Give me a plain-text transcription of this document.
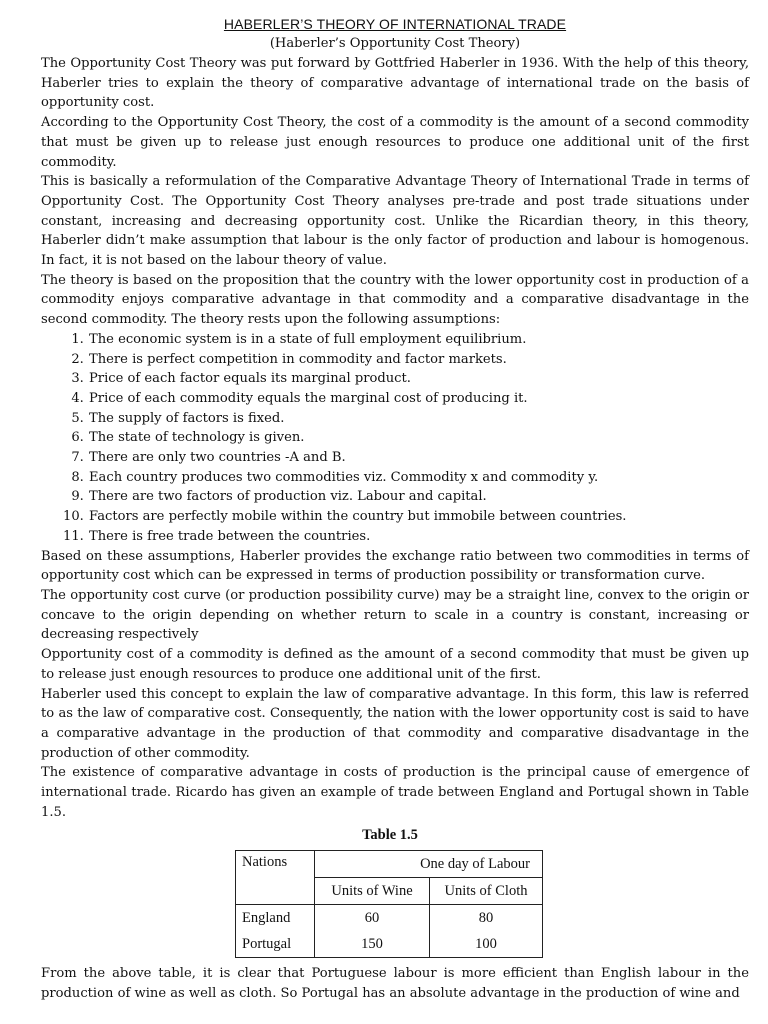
HABERLER’S THEORY OF INTERNATIONAL TRADE
(Haberler’s Opportunity Cost Theory)

The Opportunity Cost Theory was put forward by Gottfried Haberler in 1936. With the help of this theory, Haberler tries to explain the theory of comparative advantage of international trade on the basis of opportunity cost.

According to the Opportunity Cost Theory, the cost of a commodity is the amount of a second commodity that must be given up to release just enough resources to produce one additional unit of the first commodity.

This is basically a reformulation of the Comparative Advantage Theory of International Trade in terms of Opportunity Cost. The Opportunity Cost Theory analyses pre-trade and post trade situations under constant, increasing and decreasing opportunity cost. Unlike the Ricardian theory, in this theory, Haberler didn’t make assumption that labour is the only factor of production and labour is homogenous. In fact, it is not based on the labour theory of value.

The theory is based on the proposition that the country with the lower opportunity cost in production of a commodity enjoys comparative advantage in that commodity and a comparative disadvantage in the second commodity. The theory rests upon the following assumptions:

1. The economic system is in a state of full employment equilibrium.
2. There is perfect competition in commodity and factor markets.
3. Price of each factor equals its marginal product.
4. Price of each commodity equals the marginal cost of producing it.
5. The supply of factors is fixed.
6. The state of technology is given.
7. There are only two countries -A and B.
8. Each country produces two commodities viz. Commodity x and commodity y.
9. There are two factors of production viz. Labour and capital.
10. Factors are perfectly mobile within the country but immobile between countries.
11. There is free trade between the countries.

Based on these assumptions, Haberler provides the exchange ratio between two commodities in terms of opportunity cost which can be expressed in terms of production possibility or transformation curve.

The opportunity cost curve (or production possibility curve) may be a straight line, convex to the origin or concave to the origin depending on whether return to scale in a country is constant, increasing or decreasing respectively

Opportunity cost of a commodity is defined as the amount of a second commodity that must be given up to release just enough resources to produce one additional unit of the first.

Haberler used this concept to explain the law of comparative advantage. In this form, this law is referred to as the law of comparative cost. Consequently, the nation with the lower opportunity cost is said to have a comparative advantage in the production of that commodity and comparative disadvantage in the production of other commodity.

The existence of comparative advantage in costs of production is the principal cause of emergence of international trade. Ricardo has given an example of trade between England and Portugal shown in Table 1.5.

Table 1.5
Nations	One day of Labour	
	Units of Wine	Units of Cloth
England	60	80
Portugal	150	100

From the above table, it is clear that Portuguese labour is more efficient than English labour in the production of wine as well as cloth. So Portugal has an absolute advantage in the production of wine and
